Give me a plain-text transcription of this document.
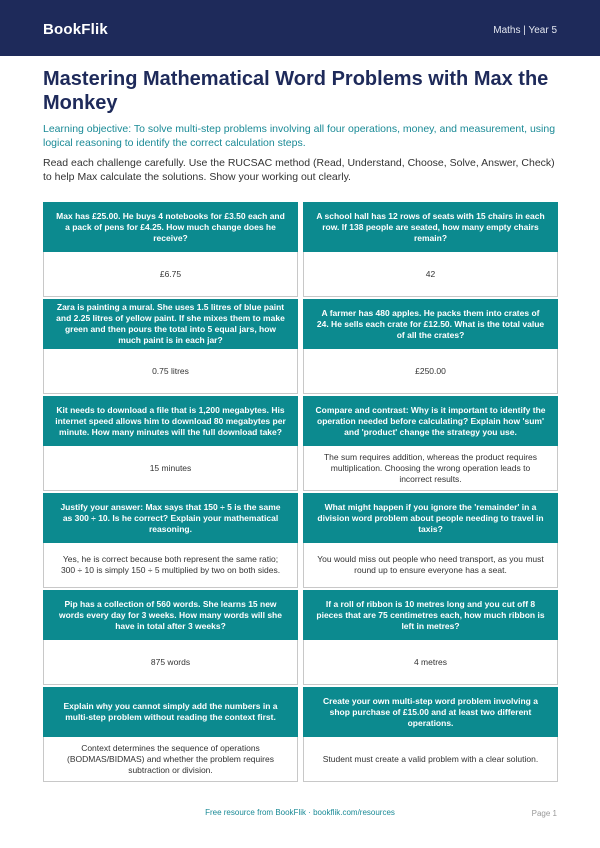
BookFlik	Maths | Year 5
Mastering Mathematical Word Problems with Max the Monkey

Learning objective: To solve multi-step problems involving all four operations, money, and measurement, using logical reasoning to identify the correct calculation steps.

Read each challenge carefully. Use the RUCSAC method (Read, Understand, Choose, Solve, Answer, Check) to help Max calculate the solutions. Show your working out clearly.

Max has £25.00. He buys 4 notebooks for £3.50 each and a pack of pens for £4.25. How much change does he receive?
£6.75
A school hall has 12 rows of seats with 15 chairs in each row. If 138 people are seated, how many empty chairs remain?
42
Zara is painting a mural. She uses 1.5 litres of blue paint and 2.25 litres of yellow paint. If she mixes them to make green and then pours the total into 5 equal jars, how much paint is in each jar?
0.75 litres
A farmer has 480 apples. He packs them into crates of 24. He sells each crate for £12.50. What is the total value of all the crates?
£250.00
Kit needs to download a file that is 1,200 megabytes. His internet speed allows him to download 80 megabytes per minute. How many minutes will the full download take?
15 minutes
Compare and contrast: Why is it important to identify the operation needed before calculating? Explain how 'sum' and 'product' change the strategy you use.
The sum requires addition, whereas the product requires multiplication. Choosing the wrong operation leads to incorrect results.
Justify your answer: Max says that 150 ÷ 5 is the same as 300 ÷ 10. Is he correct? Explain your mathematical reasoning.
Yes, he is correct because both represent the same ratio; 300 ÷ 10 is simply 150 ÷ 5 multiplied by two on both sides.
What might happen if you ignore the 'remainder' in a division word problem about people needing to travel in taxis?
You would miss out people who need transport, as you must round up to ensure everyone has a seat.
Pip has a collection of 560 words. She learns 15 new words every day for 3 weeks. How many words will she have in total after 3 weeks?
875 words
If a roll of ribbon is 10 metres long and you cut off 8 pieces that are 75 centimetres each, how much ribbon is left in metres?
4 metres
Explain why you cannot simply add the numbers in a multi-step problem without reading the context first.
Context determines the sequence of operations (BODMAS/BIDMAS) and whether the problem requires subtraction or division.
Create your own multi-step word problem involving a shop purchase of £15.00 and at least two different operations.
Student must create a valid problem with a clear solution.
Free resource from BookFlik · bookflik.com/resources	Page 1
